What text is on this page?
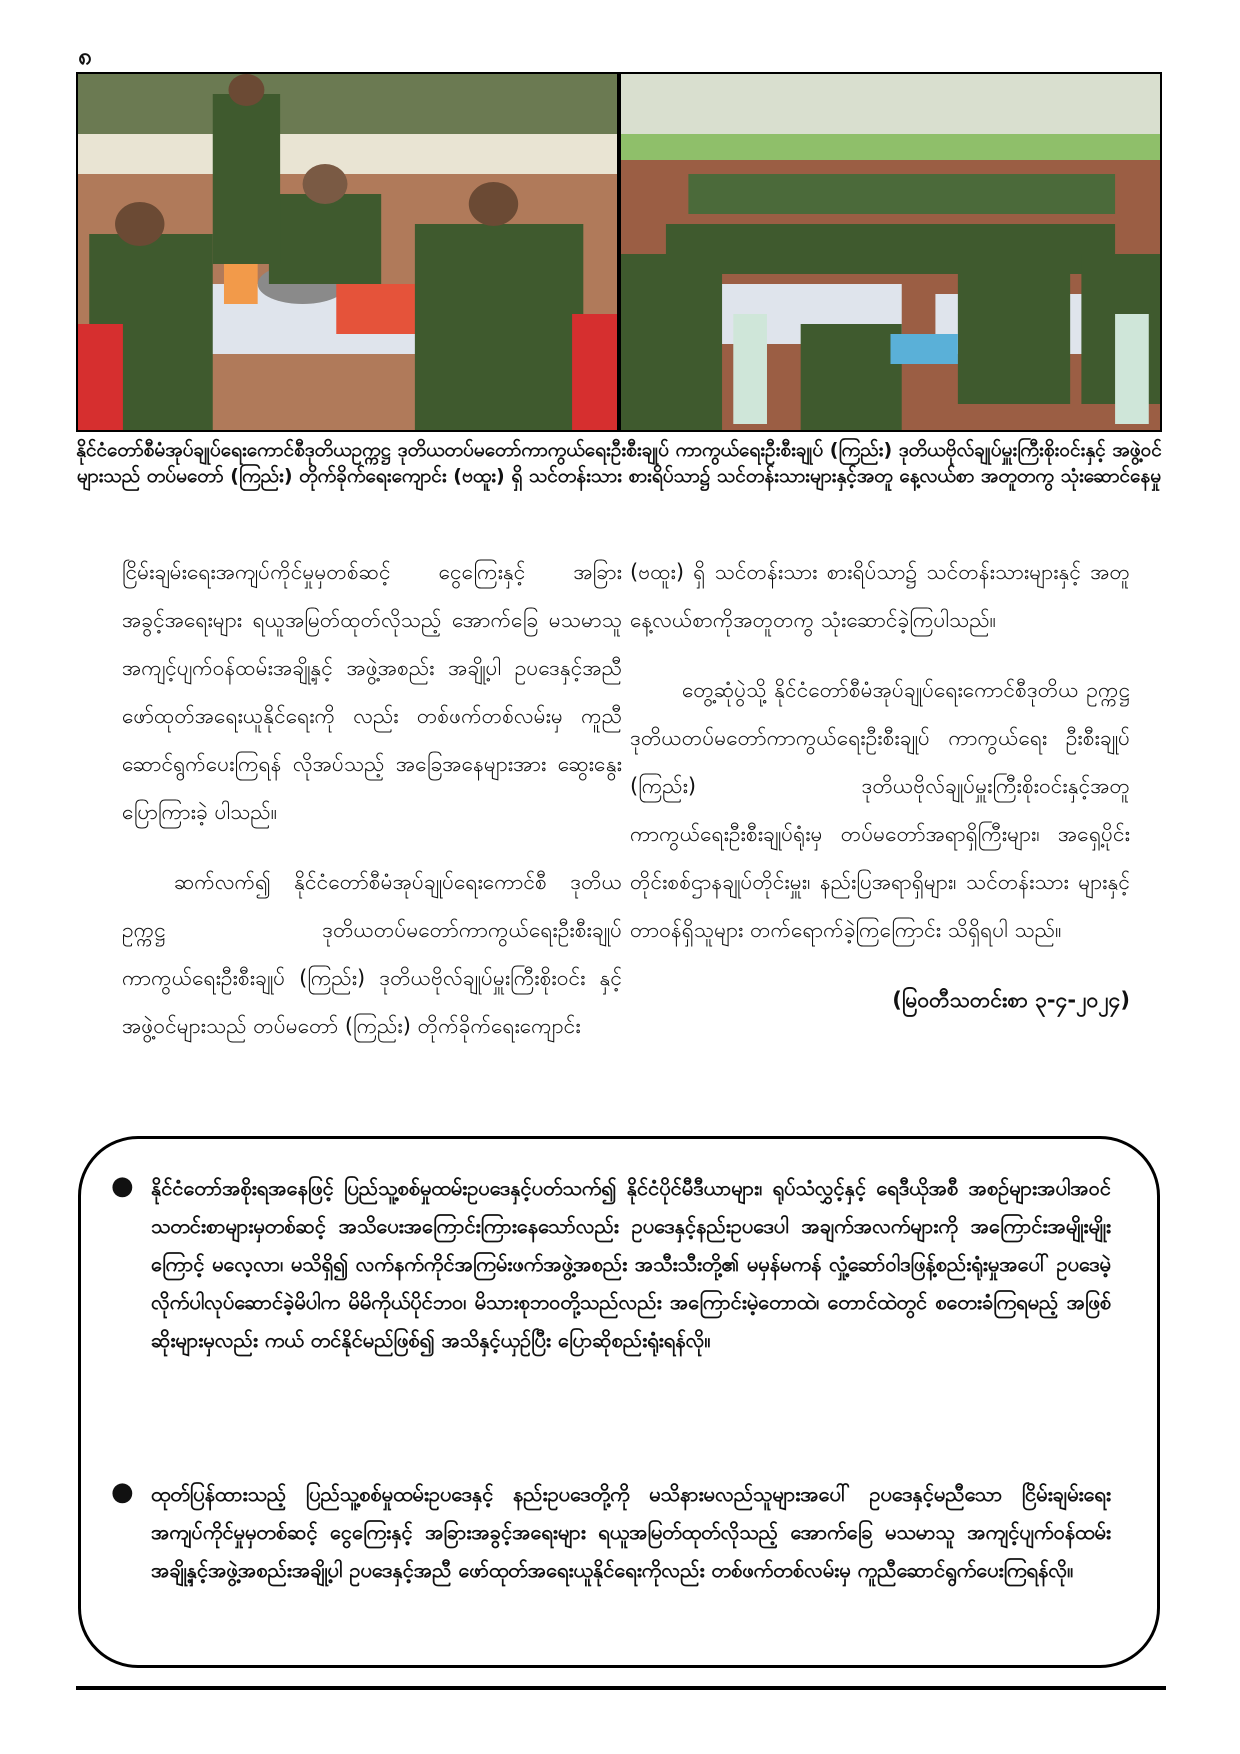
၈
နိုင်ငံတော်စီမံအုပ်ချုပ်ရေးကောင်စီဒုတိယဥက္ကဋ္ဌ ဒုတိယတပ်မတော်ကာကွယ်ရေးဦးစီးချုပ် ကာကွယ်ရေးဦးစီးချုပ် (ကြည်း) ဒုတိယဗိုလ်ချုပ်မှူးကြီးစိုးဝင်းနှင့် အဖွဲ့ဝင်များသည် တပ်မတော် (ကြည်း) တိုက်ခိုက်ရေးကျောင်း (ဗထူး) ရှိ သင်တန်းသား စားရိပ်သာ၌ သင်တန်းသားများနှင့်အတူ နေ့လယ်စာ အတူတကွ သုံးဆောင်နေမှု

ငြိမ်းချမ်းရေးအကျပ်ကိုင်မှုမှတစ်ဆင့် ငွေကြေးနှင့် အခြား အခွင့်အရေးများ ရယူအမြတ်ထုတ်လိုသည့် အောက်ခြေ မသမာသူ အကျင့်ပျက်ဝန်ထမ်းအချို့နှင့် အဖွဲ့အစည်း အချို့ပါ ဥပဒေနှင့်အညီ ဖော်ထုတ်အရေးယူနိုင်ရေးကို လည်း တစ်ဖက်တစ်လမ်းမှ ကူညီဆောင်ရွက်ပေးကြရန် လိုအပ်သည့် အခြေအနေများအား ဆွေးနွေးပြောကြားခဲ့ ပါသည်။

ဆက်လက်၍ နိုင်ငံတော်စီမံအုပ်ချုပ်ရေးကောင်စီ ဒုတိယဥက္ကဋ္ဌ ဒုတိယတပ်မတော်ကာကွယ်ရေးဦးစီးချုပ် ကာကွယ်ရေးဦးစီးချုပ် (ကြည်း) ဒုတိယဗိုလ်ချုပ်မှူးကြီးစိုးဝင်း နှင့် အဖွဲ့ဝင်များသည် တပ်မတော် (ကြည်း) တိုက်ခိုက်ရေးကျောင်း

(ဗထူး) ရှိ သင်တန်းသား စားရိပ်သာ၌ သင်တန်းသားများနှင့် အတူ နေ့လယ်စာကိုအတူတကွ သုံးဆောင်ခဲ့ကြပါသည်။

တွေ့ဆုံပွဲသို့ နိုင်ငံတော်စီမံအုပ်ချုပ်ရေးကောင်စီဒုတိယ ဥက္ကဋ္ဌ ဒုတိယတပ်မတော်ကာကွယ်ရေးဦးစီးချုပ် ကာကွယ်ရေး ဦးစီးချုပ် (ကြည်း) ဒုတိယဗိုလ်ချုပ်မှူးကြီးစိုးဝင်းနှင့်အတူ ကာကွယ်ရေးဦးစီးချုပ်ရုံးမှ တပ်မတော်အရာရှိကြီးများ၊ အရှေ့ပိုင်း တိုင်းစစ်ဌာနချုပ်တိုင်းမှူး၊ နည်းပြအရာရှိများ၊ သင်တန်းသား များနှင့် တာဝန်ရှိသူများ တက်ရောက်ခဲ့ကြကြောင်း သိရှိရပါ သည်။

(မြဝတီသတင်းစာ ၃-၄-၂၀၂၄)

● နိုင်ငံတော်အစိုးရအနေဖြင့် ပြည်သူ့စစ်မှုထမ်းဥပဒေနှင့်ပတ်သက်၍ နိုင်ငံပိုင်မီဒီယာများ၊ ရုပ်သံလွှင့်နှင့် ရေဒီယိုအစီ အစဉ်များအပါအဝင် သတင်းစာများမှတစ်ဆင့် အသိပေးအကြောင်းကြားနေသော်လည်း ဥပဒေနှင့်နည်းဥပဒေပါ အချက်အလက်များကို အကြောင်းအမျိုးမျိုးကြောင့် မလေ့လာ၊ မသိရှိ၍ လက်နက်ကိုင်အကြမ်းဖက်အဖွဲ့အစည်း အသီးသီးတို့၏ မမှန်မကန် လှုံ့ဆော်ဝါဒဖြန့်စည်းရုံးမှုအပေါ် ဥပဒေမဲ့လိုက်ပါလုပ်ဆောင်ခဲ့မိပါက မိမိကိုယ်ပိုင်ဘဝ၊ မိသားစုဘဝတို့သည်လည်း အကြောင်းမဲ့တောထဲ၊ တောင်ထဲတွင် စတေးခံကြရမည့် အဖြစ်ဆိုးများမှလည်း ကယ် တင်နိုင်မည်ဖြစ်၍ အသိနှင့်ယှဉ်ပြီး ပြောဆိုစည်းရုံးရန်လို။
● ထုတ်ပြန်ထားသည့် ပြည်သူ့စစ်မှုထမ်းဥပဒေနှင့် နည်းဥပဒေတို့ကို မသိနားမလည်သူများအပေါ် ဥပဒေနှင့်မညီသော ငြိမ်းချမ်းရေးအကျပ်ကိုင်မှုမှတစ်ဆင့် ငွေကြေးနှင့် အခြားအခွင့်အရေးများ ရယူအမြတ်ထုတ်လိုသည့် အောက်ခြေ မသမာသူ အကျင့်ပျက်ဝန်ထမ်းအချို့နှင့်အဖွဲ့အစည်းအချို့ပါ ဥပဒေနှင့်အညီ ဖော်ထုတ်အရေးယူနိုင်ရေးကိုလည်း တစ်ဖက်တစ်လမ်းမှ ကူညီဆောင်ရွက်ပေးကြရန်လို။
